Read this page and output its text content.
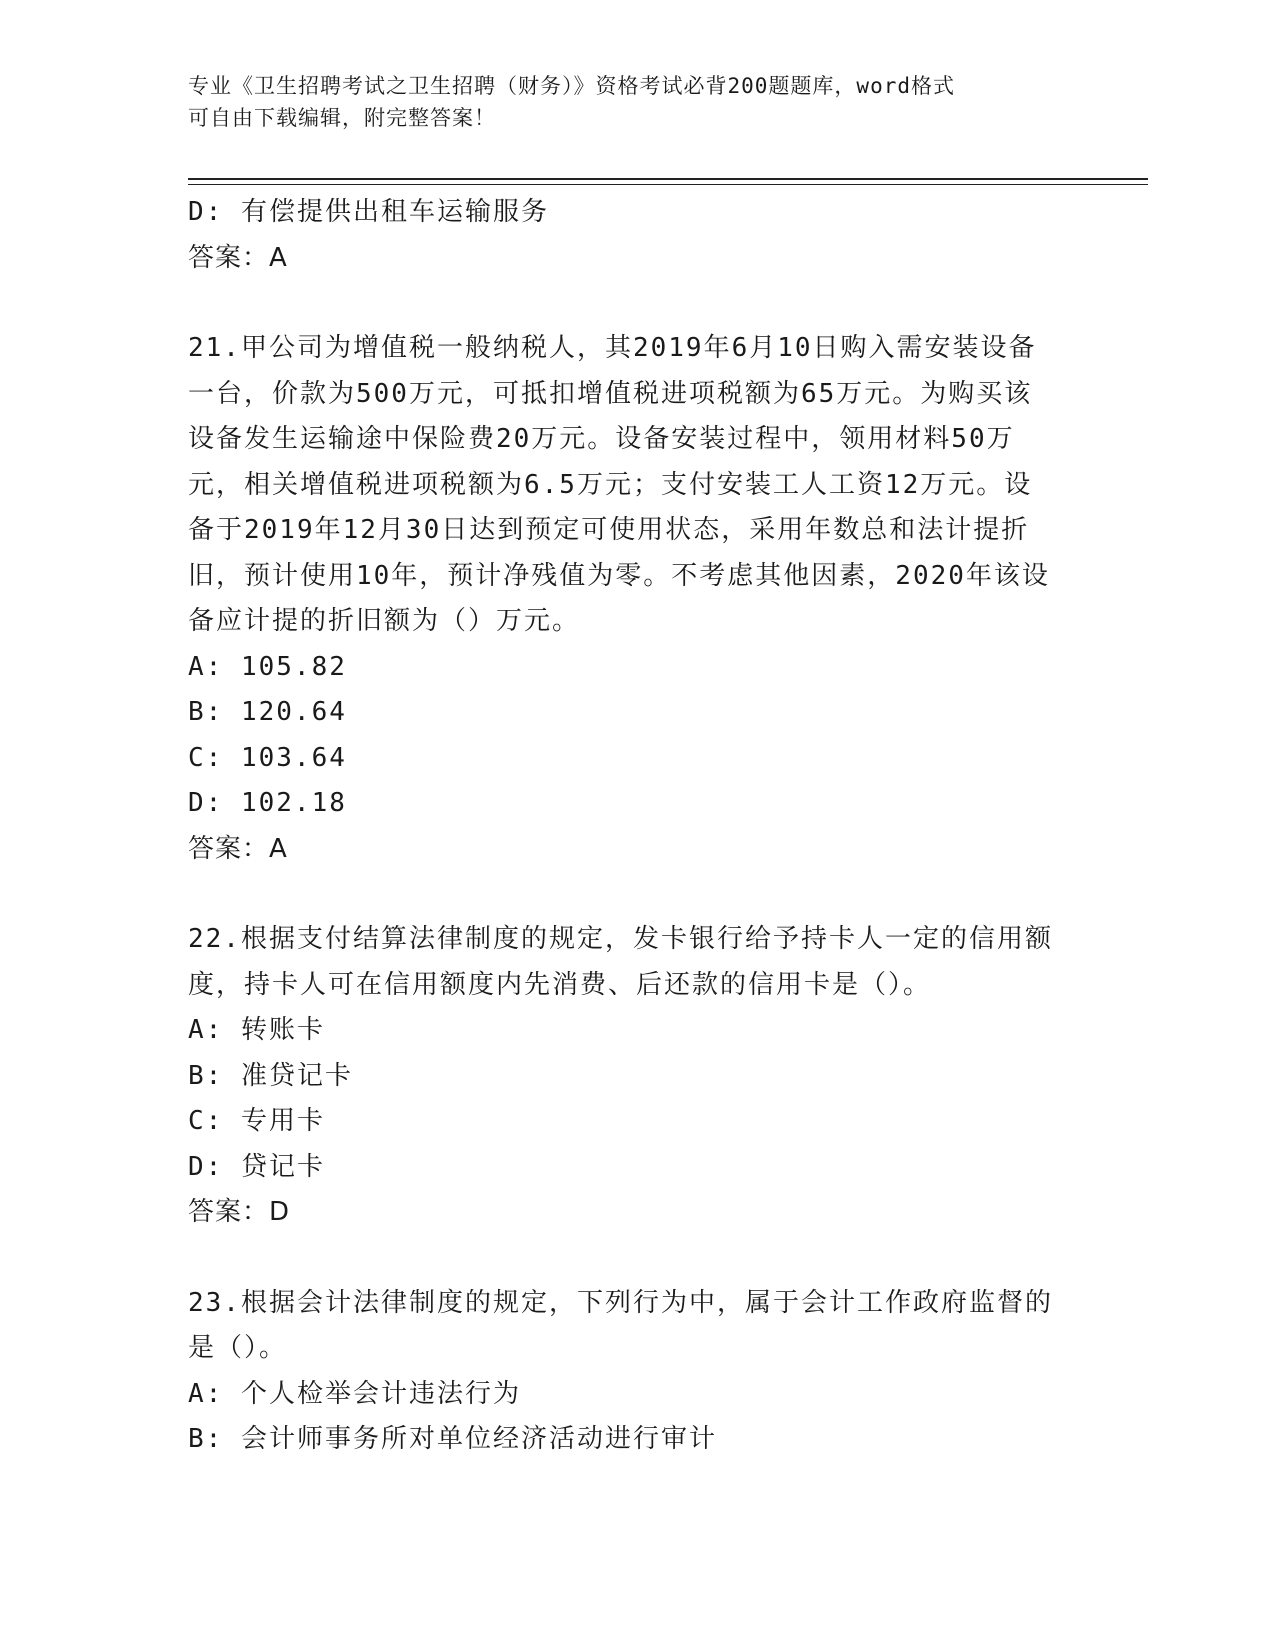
专业《卫生招聘考试之卫生招聘（财务）》资格考试必背200题题库，word格式
可自由下载编辑，附完整答案！
D: 有偿提供出租车运输服务
答案：A
21.甲公司为增值税一般纳税人，其2019年6月10日购入需安装设备
一台，价款为500万元，可抵扣增值税进项税额为65万元。为购买该
设备发生运输途中保险费20万元。设备安装过程中，领用材料50万
元，相关增值税进项税额为6.5万元；支付安装工人工资12万元。设
备于2019年12月30日达到预定可使用状态，采用年数总和法计提折
旧，预计使用10年，预计净残值为零。不考虑其他因素，2020年该设
备应计提的折旧额为（）万元。
A: 105.82
B: 120.64
C: 103.64
D: 102.18
答案：A
22.根据支付结算法律制度的规定，发卡银行给予持卡人一定的信用额
度，持卡人可在信用额度内先消费、后还款的信用卡是（）。
A: 转账卡
B: 准贷记卡
C: 专用卡
D: 贷记卡
答案：D
23.根据会计法律制度的规定，下列行为中，属于会计工作政府监督的
是（）。
A: 个人检举会计违法行为
B: 会计师事务所对单位经济活动进行审计
